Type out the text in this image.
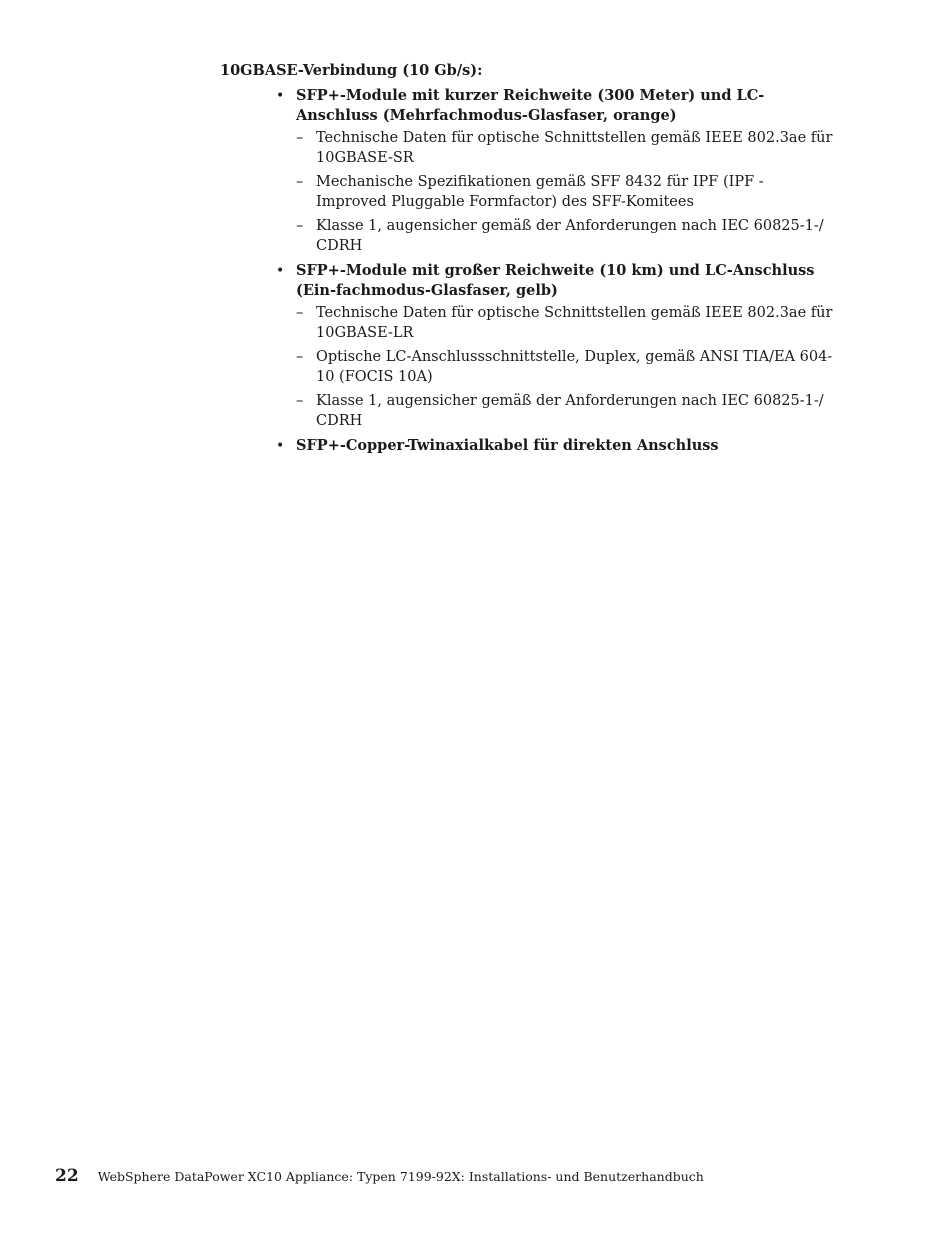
10GBASE-Verbindung (10 Gb/s):
• SFP+-Module mit kurzer Reichweite (300 Meter) und LC-Anschluss (Mehrfachmodus-Glasfaser, orange)
– Technische Daten für optische Schnittstellen gemäß IEEE 802.3ae für 10GBASE-SR
– Mechanische Spezifikationen gemäß SFF 8432 für IPF (IPF - Improved Pluggable Formfactor) des SFF-Komitees
– Klasse 1, augensicher gemäß der Anforderungen nach IEC 60825-1-/ CDRH
• SFP+-Module mit großer Reichweite (10 km) und LC-Anschluss (Ein-fachmodus-Glasfaser, gelb)
– Technische Daten für optische Schnittstellen gemäß IEEE 802.3ae für 10GBASE-LR
– Optische LC-Anschlussschnittstelle, Duplex, gemäß ANSI TIA/EA 604-10 (FOCIS 10A)
– Klasse 1, augensicher gemäß der Anforderungen nach IEC 60825-1-/ CDRH
• SFP+-Copper-Twinaxialkabel für direkten Anschluss
22 WebSphere DataPower XC10 Appliance: Typen 7199-92X: Installations- und Benutzerhandbuch
